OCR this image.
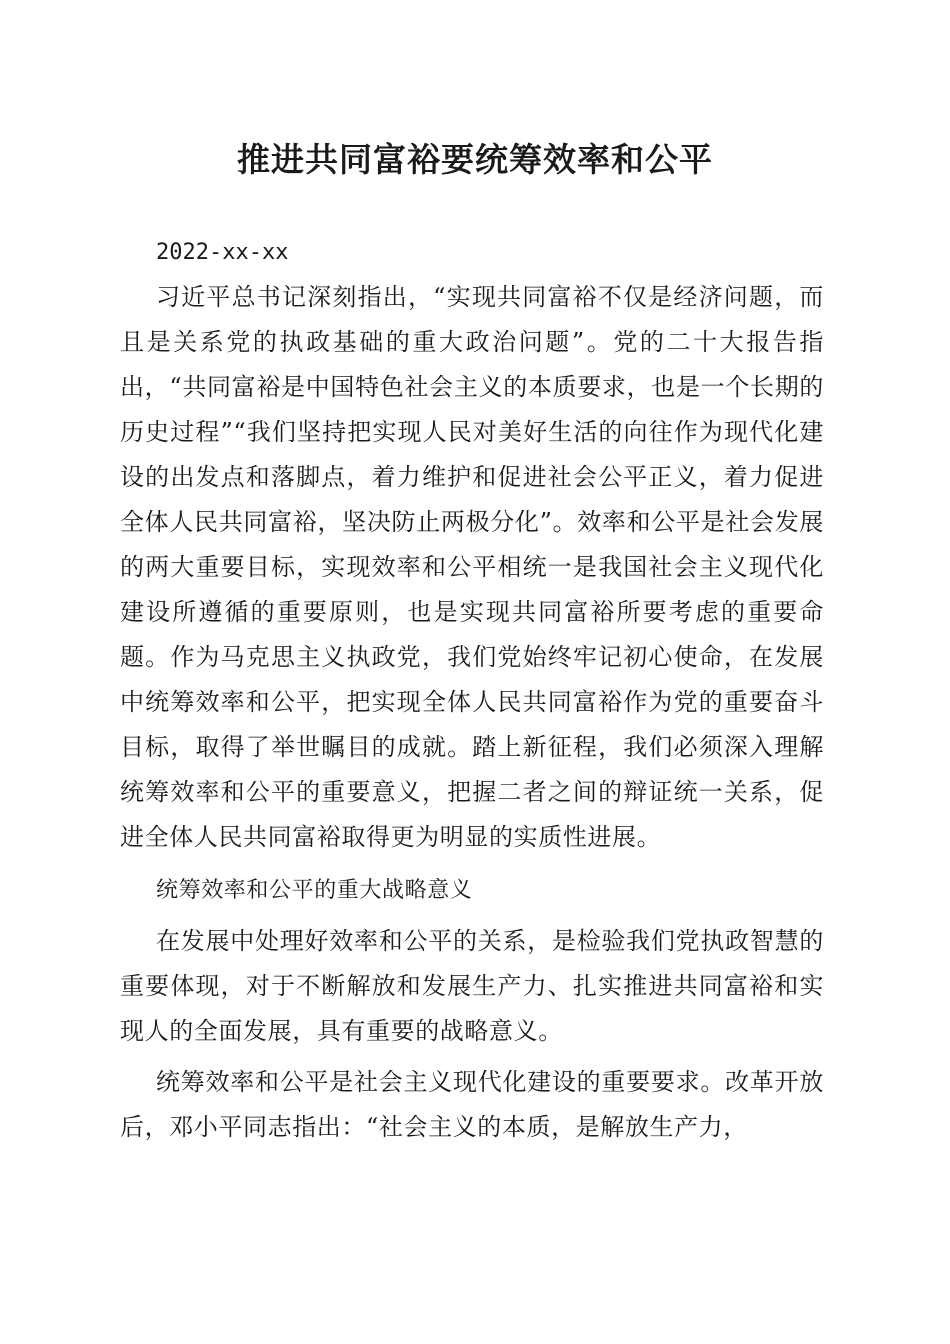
推进共同富裕要统筹效率和公平

2022-xx-xx

习近平总书记深刻指出，“实现共同富裕不仅是经济问题，而且是关系党的执政基础的重大政治问题”。党的二十大报告指出，“共同富裕是中国特色社会主义的本质要求，也是一个长期的历史过程”“我们坚持把实现人民对美好生活的向往作为现代化建设的出发点和落脚点，着力维护和促进社会公平正义，着力促进全体人民共同富裕，坚决防止两极分化”。效率和公平是社会发展的两大重要目标，实现效率和公平相统一是我国社会主义现代化建设所遵循的重要原则，也是实现共同富裕所要考虑的重要命题。作为马克思主义执政党，我们党始终牢记初心使命，在发展中统筹效率和公平，把实现全体人民共同富裕作为党的重要奋斗目标，取得了举世瞩目的成就。踏上新征程，我们必须深入理解统筹效率和公平的重要意义，把握二者之间的辩证统一关系，促进全体人民共同富裕取得更为明显的实质性进展。

统筹效率和公平的重大战略意义

在发展中处理好效率和公平的关系，是检验我们党执政智慧的重要体现，对于不断解放和发展生产力、扎实推进共同富裕和实现人的全面发展，具有重要的战略意义。

统筹效率和公平是社会主义现代化建设的重要要求。改革开放后，邓小平同志指出：“社会主义的本质，是解放生产力，
